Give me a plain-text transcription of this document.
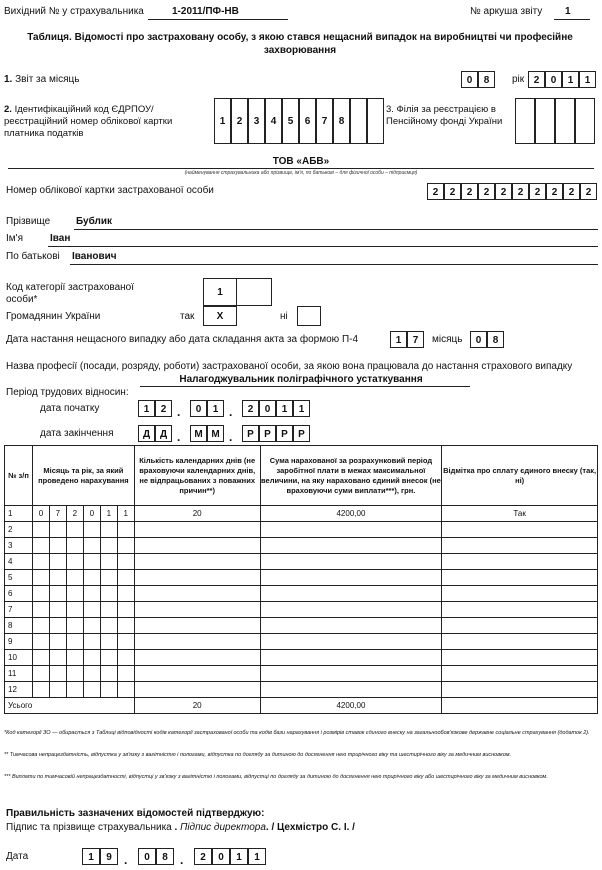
Вихідний № у страхувальника	1-2011/ПФ-НВ	№ аркуша звіту 1
Таблиця. Відомості про застраховану особу, з якою стався нещасний випадок на виробництві чи професійне захворювання
1. Звіт за місяць	0	8	рік 2	0	1	1
2. Ідентифікаційний код ЄДРПОУ/ реєстраційний номер облікової картки платника податків
1	2	3	4	5	6	7	8
3. Філія за реєстрацією в Пенсійному фонді України
ТОВ «АБВ»
(найменування страхувальника або прізвище, ім'я, по батькові – для фізичної особи – підприємця)
Номер облікової картки застрахованої особи	2	2	2	2	2	2	2	2	2	2
Прізвище	Бублик
Ім'я	Іван
По батькові Іванович
Код категорії застрахованої особи*
1
Громадянин України	так	Х	ні
Дата настання нещасного випадку або дата складання акта за формою П-4	1	7	місяць	0	8
Назва професії (посади, розряду, роботи) застрахованої особи, за якою вона працювала до настання страхового випадку
Налагоджувальник поліграфічного устаткування
Період трудових відносин:
дата початку	1	2 .	0	1 .	2	0	1	1
дата закінчення	Д Д .	М М .	Р	Р	Р	Р
№ з/п	Місяць та рік, за який проведено нарахування						Кількість календарних днів (не враховуючи календарних днів, не відпрацьованих з поважних причин**)	Сума нарахованої за розрахунковий період заробітної плати в межах максимальної величини, на яку нараховано єдиний внесок (не враховуючи суми виплати***), грн.	Відмітка про сплату єдиного внеску (так, ні)
1	0	7	2	0	1	1	20	4200,00	Так
2									
3									
4									
5									
6									
7									
8									
9									
10									
11									
12									
Усього							20	4200,00	
*Код категорії ЗО — обирається з Таблиці відповідності кодів категорії застрахованої особи та кодів бази нарахування і розмірів ставок єдиного внеску на загальнообов'язкове державне соціальне страхування (додаток 2).
** Тимчасова непрацездатність, відпустка у зв'язку з вагітністю і пологами, відпустка по догляду за дитиною до досягнення нею трирічного віку та шестирічного віку за медичним висновком.
*** Виплати по тимчасовій непрацездатності, відпустці у зв'язку з вагітністю і пологами, відпустці по догляду за дитиною до досягнення нею трирічного віку або шестирічного віку за медичним висновком.
Правильність зазначених відомостей підтверджую:
Підпис та прізвище страхувальника . Підпис директора. / Цехмістро С. І. /
Дата	1	9	.	0	8	.	2	0	1	1
